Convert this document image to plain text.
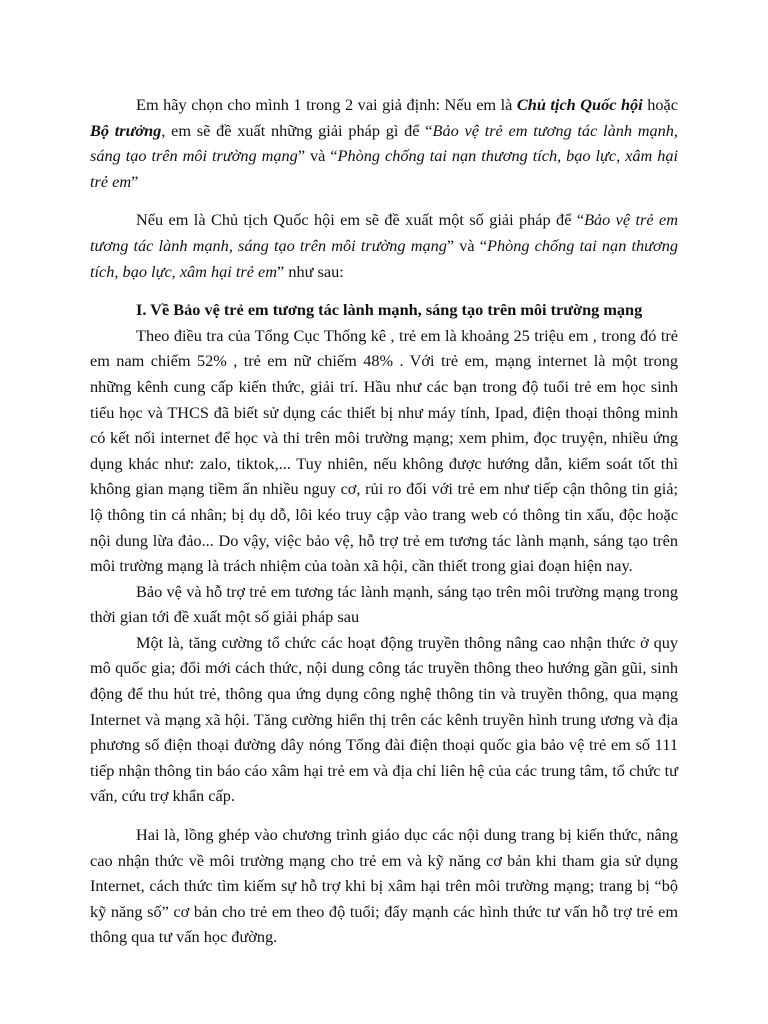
Em hãy chọn cho mình 1 trong 2 vai giả định: Nếu em là Chủ tịch Quốc hội hoặc Bộ trưởng, em sẽ đề xuất những giải pháp gì để “Bảo vệ trẻ em tương tác lành mạnh, sáng tạo trên môi trường mạng” và “Phòng chống tai nạn thương tích, bạo lực, xâm hại trẻ em”

Nếu em là Chủ tịch Quốc hội em sẽ đề xuất một số giải pháp để “Bảo vệ trẻ em tương tác lành mạnh, sáng tạo trên môi trường mạng” và “Phòng chống tai nạn thương tích, bạo lực, xâm hại trẻ em” như sau:

I. Về Bảo vệ trẻ em tương tác lành mạnh, sáng tạo trên môi trường mạng

Theo điều tra của Tổng Cục Thống kê , trẻ em là khoảng 25 triệu em , trong đó trẻ em nam chiếm 52% , trẻ em nữ chiếm 48% . Với trẻ em, mạng internet là một trong những kênh cung cấp kiến thức, giải trí. Hầu như các bạn trong độ tuổi trẻ em học sinh tiểu học và THCS đã biết sử dụng các thiết bị như máy tính, Ipad, điện thoại thông minh có kết nối internet để học và thi trên môi trường mạng; xem phim, đọc truyện, nhiều ứng dụng khác như: zalo, tiktok,... Tuy nhiên, nếu không được hướng dẫn, kiểm soát tốt thì không gian mạng tiềm ẩn nhiều nguy cơ, rủi ro đối với trẻ em như tiếp cận thông tin giả; lộ thông tin cá nhân; bị dụ dỗ, lôi kéo truy cập vào trang web có thông tin xấu, độc hoặc nội dung lừa đảo... Do vậy, việc bảo vệ, hỗ trợ trẻ em tương tác lành mạnh, sáng tạo trên môi trường mạng là trách nhiệm của toàn xã hội, cần thiết trong giai đoạn hiện nay.

Bảo vệ và hỗ trợ trẻ em tương tác lành mạnh, sáng tạo trên môi trường mạng trong thời gian tới đề xuất một số giải pháp sau

Một là, tăng cường tổ chức các hoạt động truyền thông nâng cao nhận thức ở quy mô quốc gia; đổi mới cách thức, nội dung công tác truyền thông theo hướng gần gũi, sinh động để thu hút trẻ, thông qua ứng dụng công nghệ thông tin và truyền thông, qua mạng Internet và mạng xã hội. Tăng cường hiển thị trên các kênh truyền hình trung ương và địa phương số điện thoại đường dây nóng Tổng đài điện thoại quốc gia bảo vệ trẻ em số 111 tiếp nhận thông tin báo cáo xâm hại trẻ em và địa chỉ liên hệ của các trung tâm, tổ chức tư vấn, cứu trợ khẩn cấp.

Hai là, lồng ghép vào chương trình giáo dục các nội dung trang bị kiến thức, nâng cao nhận thức về môi trường mạng cho trẻ em và kỹ năng cơ bản khi tham gia sử dụng Internet, cách thức tìm kiếm sự hỗ trợ khi bị xâm hại trên môi trường mạng; trang bị “bộ kỹ năng số” cơ bản cho trẻ em theo độ tuổi; đẩy mạnh các hình thức tư vấn hỗ trợ trẻ em thông qua tư vấn học đường.
